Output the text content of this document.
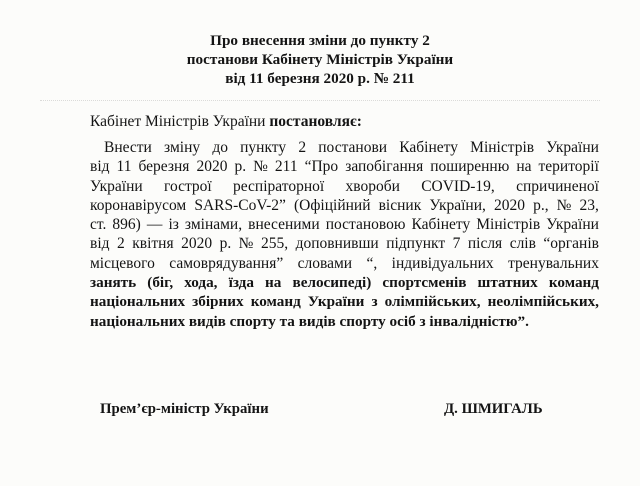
Про внесення зміни до пункту 2
постанови Кабінету Міністрів України
від 11 березня 2020 р. № 211
Кабінет Міністрів України постановляє:
Внести зміну до пункту 2 постанови Кабінету Міністрів України
від 11 березня 2020 р. № 211 “Про запобігання поширенню на території
України гострої респіраторної хвороби COVID-19, спричиненої
коронавірусом SARS-CoV-2” (Офіційний вісник України, 2020 р., № 23,
ст. 896) — із змінами, внесеними постановою Кабінету Міністрів України
від 2 квітня 2020 р. № 255, доповнивши підпункт 7 після слів “органів
місцевого самоврядування” словами “, індивідуальних тренувальних
занять (біг, хода, їзда на велосипеді) спортсменів штатних команд
національних збірних команд України з олімпійських, неолімпійських,
національних видів спорту та видів спорту осіб з інвалідністю”.
Прем’єр-міністр України	Д. ШМИГАЛЬ
